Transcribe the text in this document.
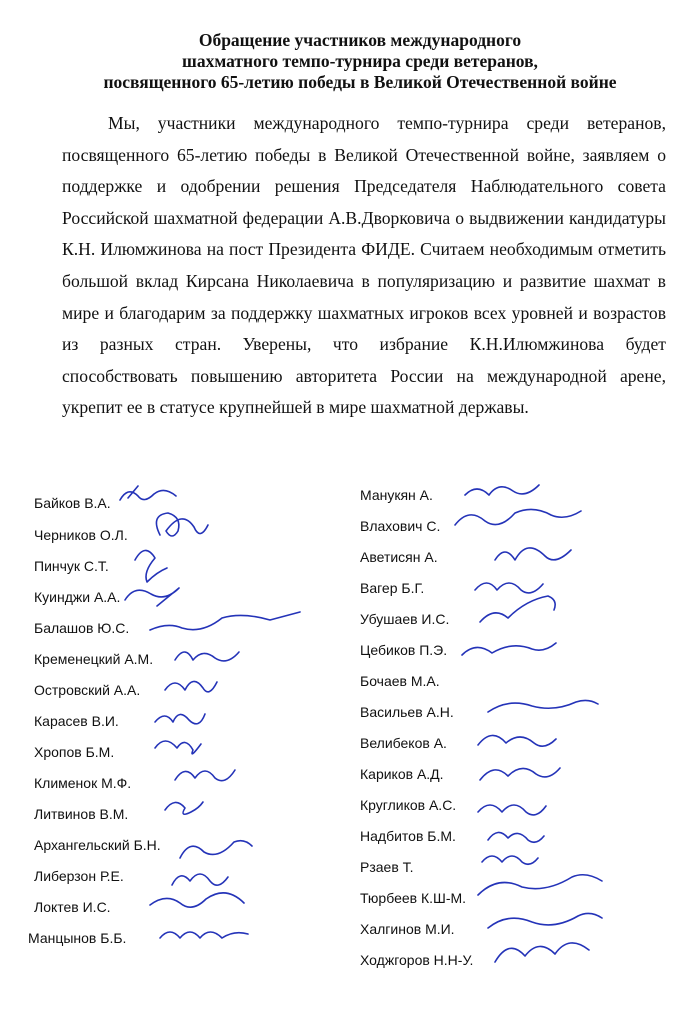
Обращение участников международного
шахматного темпо-турнира среди ветеранов,
посвященного 65-летию победы в Великой Отечественной войне
Мы, участники международного темпо-турнира среди ветеранов, посвященного 65-летию победы в Великой Отечественной войне, заявляем о поддержке и одобрении решения Председателя Наблюдательного совета Российской шахматной федерации А.В.Дворковича о выдвижении кандидатуры К.Н. Илюмжинова на пост Президента ФИДЕ. Считаем необходимым отметить большой вклад Кирсана Николаевича в популяризацию и развитие шахмат в мире и благодарим за поддержку шахматных игроков всех уровней и возрастов из разных стран. Уверены, что избрание К.Н.Илюмжинова будет способствовать повышению авторитета России на международной арене, укрепит ее в статусе крупнейшей в мире шахматной державы.
Байков В.А.
Черников О.Л.
Пинчук С.Т.
Куинджи А.А.
Балашов Ю.С.
Кременецкий А.М.
Островский А.А.
Карасев В.И.
Хропов Б.М.
Клименок М.Ф.
Литвинов В.М.
Архангельский Б.Н.
Либерзон Р.Е.
Локтев И.С.
Манцынов Б.Б.
Манукян А.
Влахович С.
Аветисян А.
Вагер Б.Г.
Убушаев И.С.
Цебиков П.Э.
Бочаев М.А.
Васильев А.Н.
Велибеков А.
Кариков А.Д.
Кругликов А.С.
Надбитов Б.М.
Рзаев Т.
Тюрбеев К.Ш-М.
Халгинов М.И.
Ходжгоров Н.Н-У.
